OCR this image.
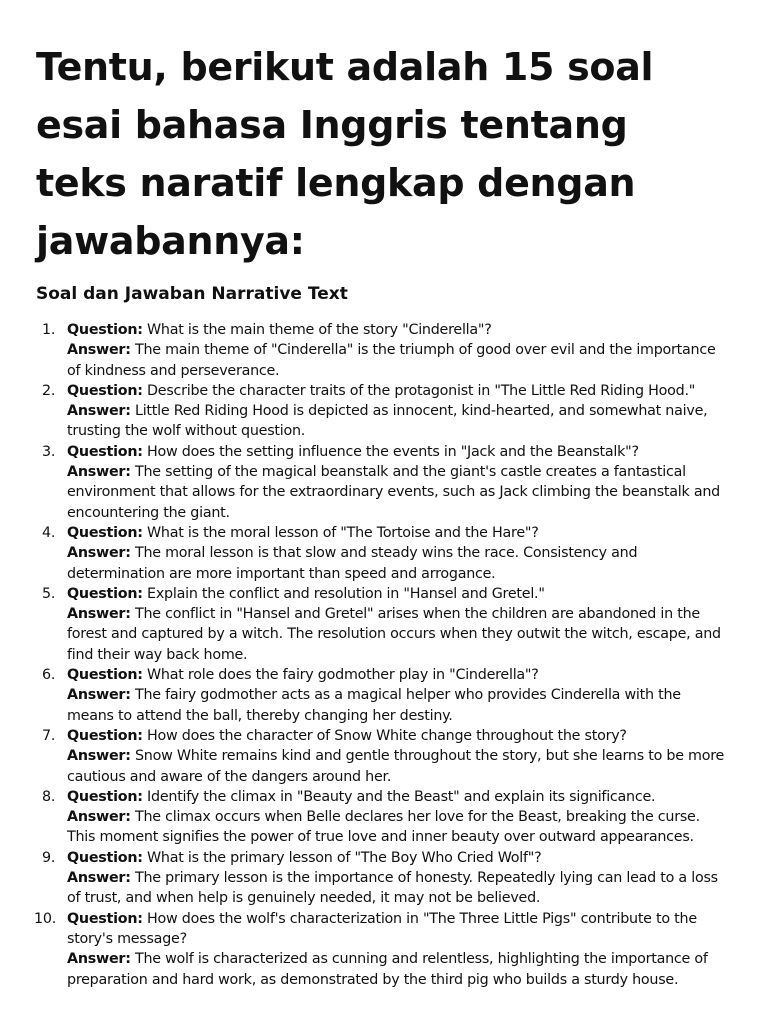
Tentu, berikut adalah 15 soal esai bahasa Inggris tentang teks naratif lengkap dengan jawabannya:
Soal dan Jawaban Narrative Text
1. Question: What is the main theme of the story "Cinderella"?
Answer: The main theme of "Cinderella" is the triumph of good over evil and the importance of kindness and perseverance.
2. Question: Describe the character traits of the protagonist in "The Little Red Riding Hood."
Answer: Little Red Riding Hood is depicted as innocent, kind-hearted, and somewhat naive, trusting the wolf without question.
3. Question: How does the setting influence the events in "Jack and the Beanstalk"?
Answer: The setting of the magical beanstalk and the giant's castle creates a fantastical environment that allows for the extraordinary events, such as Jack climbing the beanstalk and encountering the giant.
4. Question: What is the moral lesson of "The Tortoise and the Hare"?
Answer: The moral lesson is that slow and steady wins the race. Consistency and determination are more important than speed and arrogance.
5. Question: Explain the conflict and resolution in "Hansel and Gretel."
Answer: The conflict in "Hansel and Gretel" arises when the children are abandoned in the forest and captured by a witch. The resolution occurs when they outwit the witch, escape, and find their way back home.
6. Question: What role does the fairy godmother play in "Cinderella"?
Answer: The fairy godmother acts as a magical helper who provides Cinderella with the means to attend the ball, thereby changing her destiny.
7. Question: How does the character of Snow White change throughout the story?
Answer: Snow White remains kind and gentle throughout the story, but she learns to be more cautious and aware of the dangers around her.
8. Question: Identify the climax in "Beauty and the Beast" and explain its significance.
Answer: The climax occurs when Belle declares her love for the Beast, breaking the curse. This moment signifies the power of true love and inner beauty over outward appearances.
9. Question: What is the primary lesson of "The Boy Who Cried Wolf"?
Answer: The primary lesson is the importance of honesty. Repeatedly lying can lead to a loss of trust, and when help is genuinely needed, it may not be believed.
10. Question: How does the wolf's characterization in "The Three Little Pigs" contribute to the story's message?
Answer: The wolf is characterized as cunning and relentless, highlighting the importance of preparation and hard work, as demonstrated by the third pig who builds a sturdy house.
